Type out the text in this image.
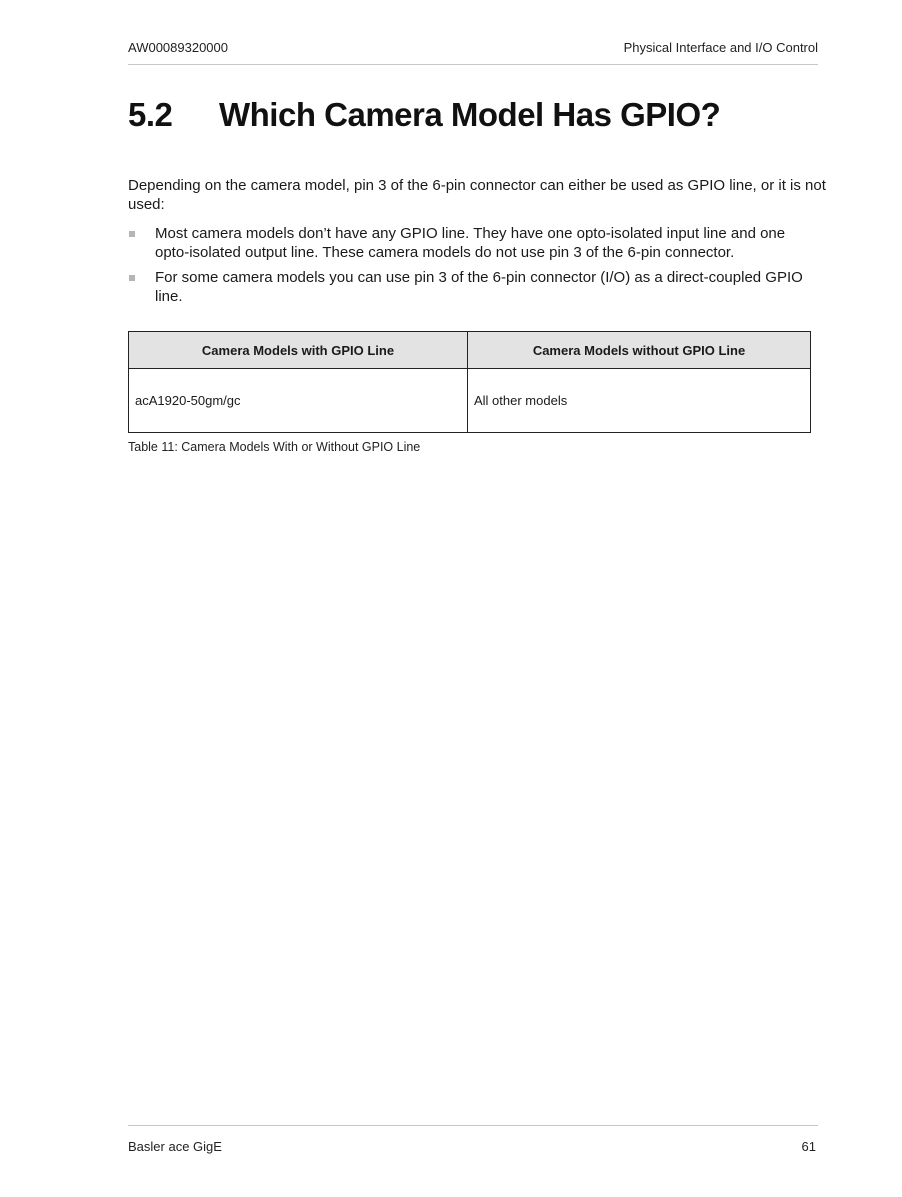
AW00089320000	Physical Interface and I/O Control
5.2 Which Camera Model Has GPIO?
Depending on the camera model, pin 3 of the 6-pin connector can either be used as GPIO line, or it is not used:
Most camera models don’t have any GPIO line. They have one opto-isolated input line and one opto-isolated output line. These camera models do not use pin 3 of the 6-pin connector.
For some camera models you can use pin 3 of the 6-pin connector (I/O) as a direct-coupled GPIO line.
Camera Models with GPIO Line	Camera Models without GPIO Line
acA1920-50gm/gc	All other models
Table 11: Camera Models With or Without GPIO Line
Basler ace GigE	61
